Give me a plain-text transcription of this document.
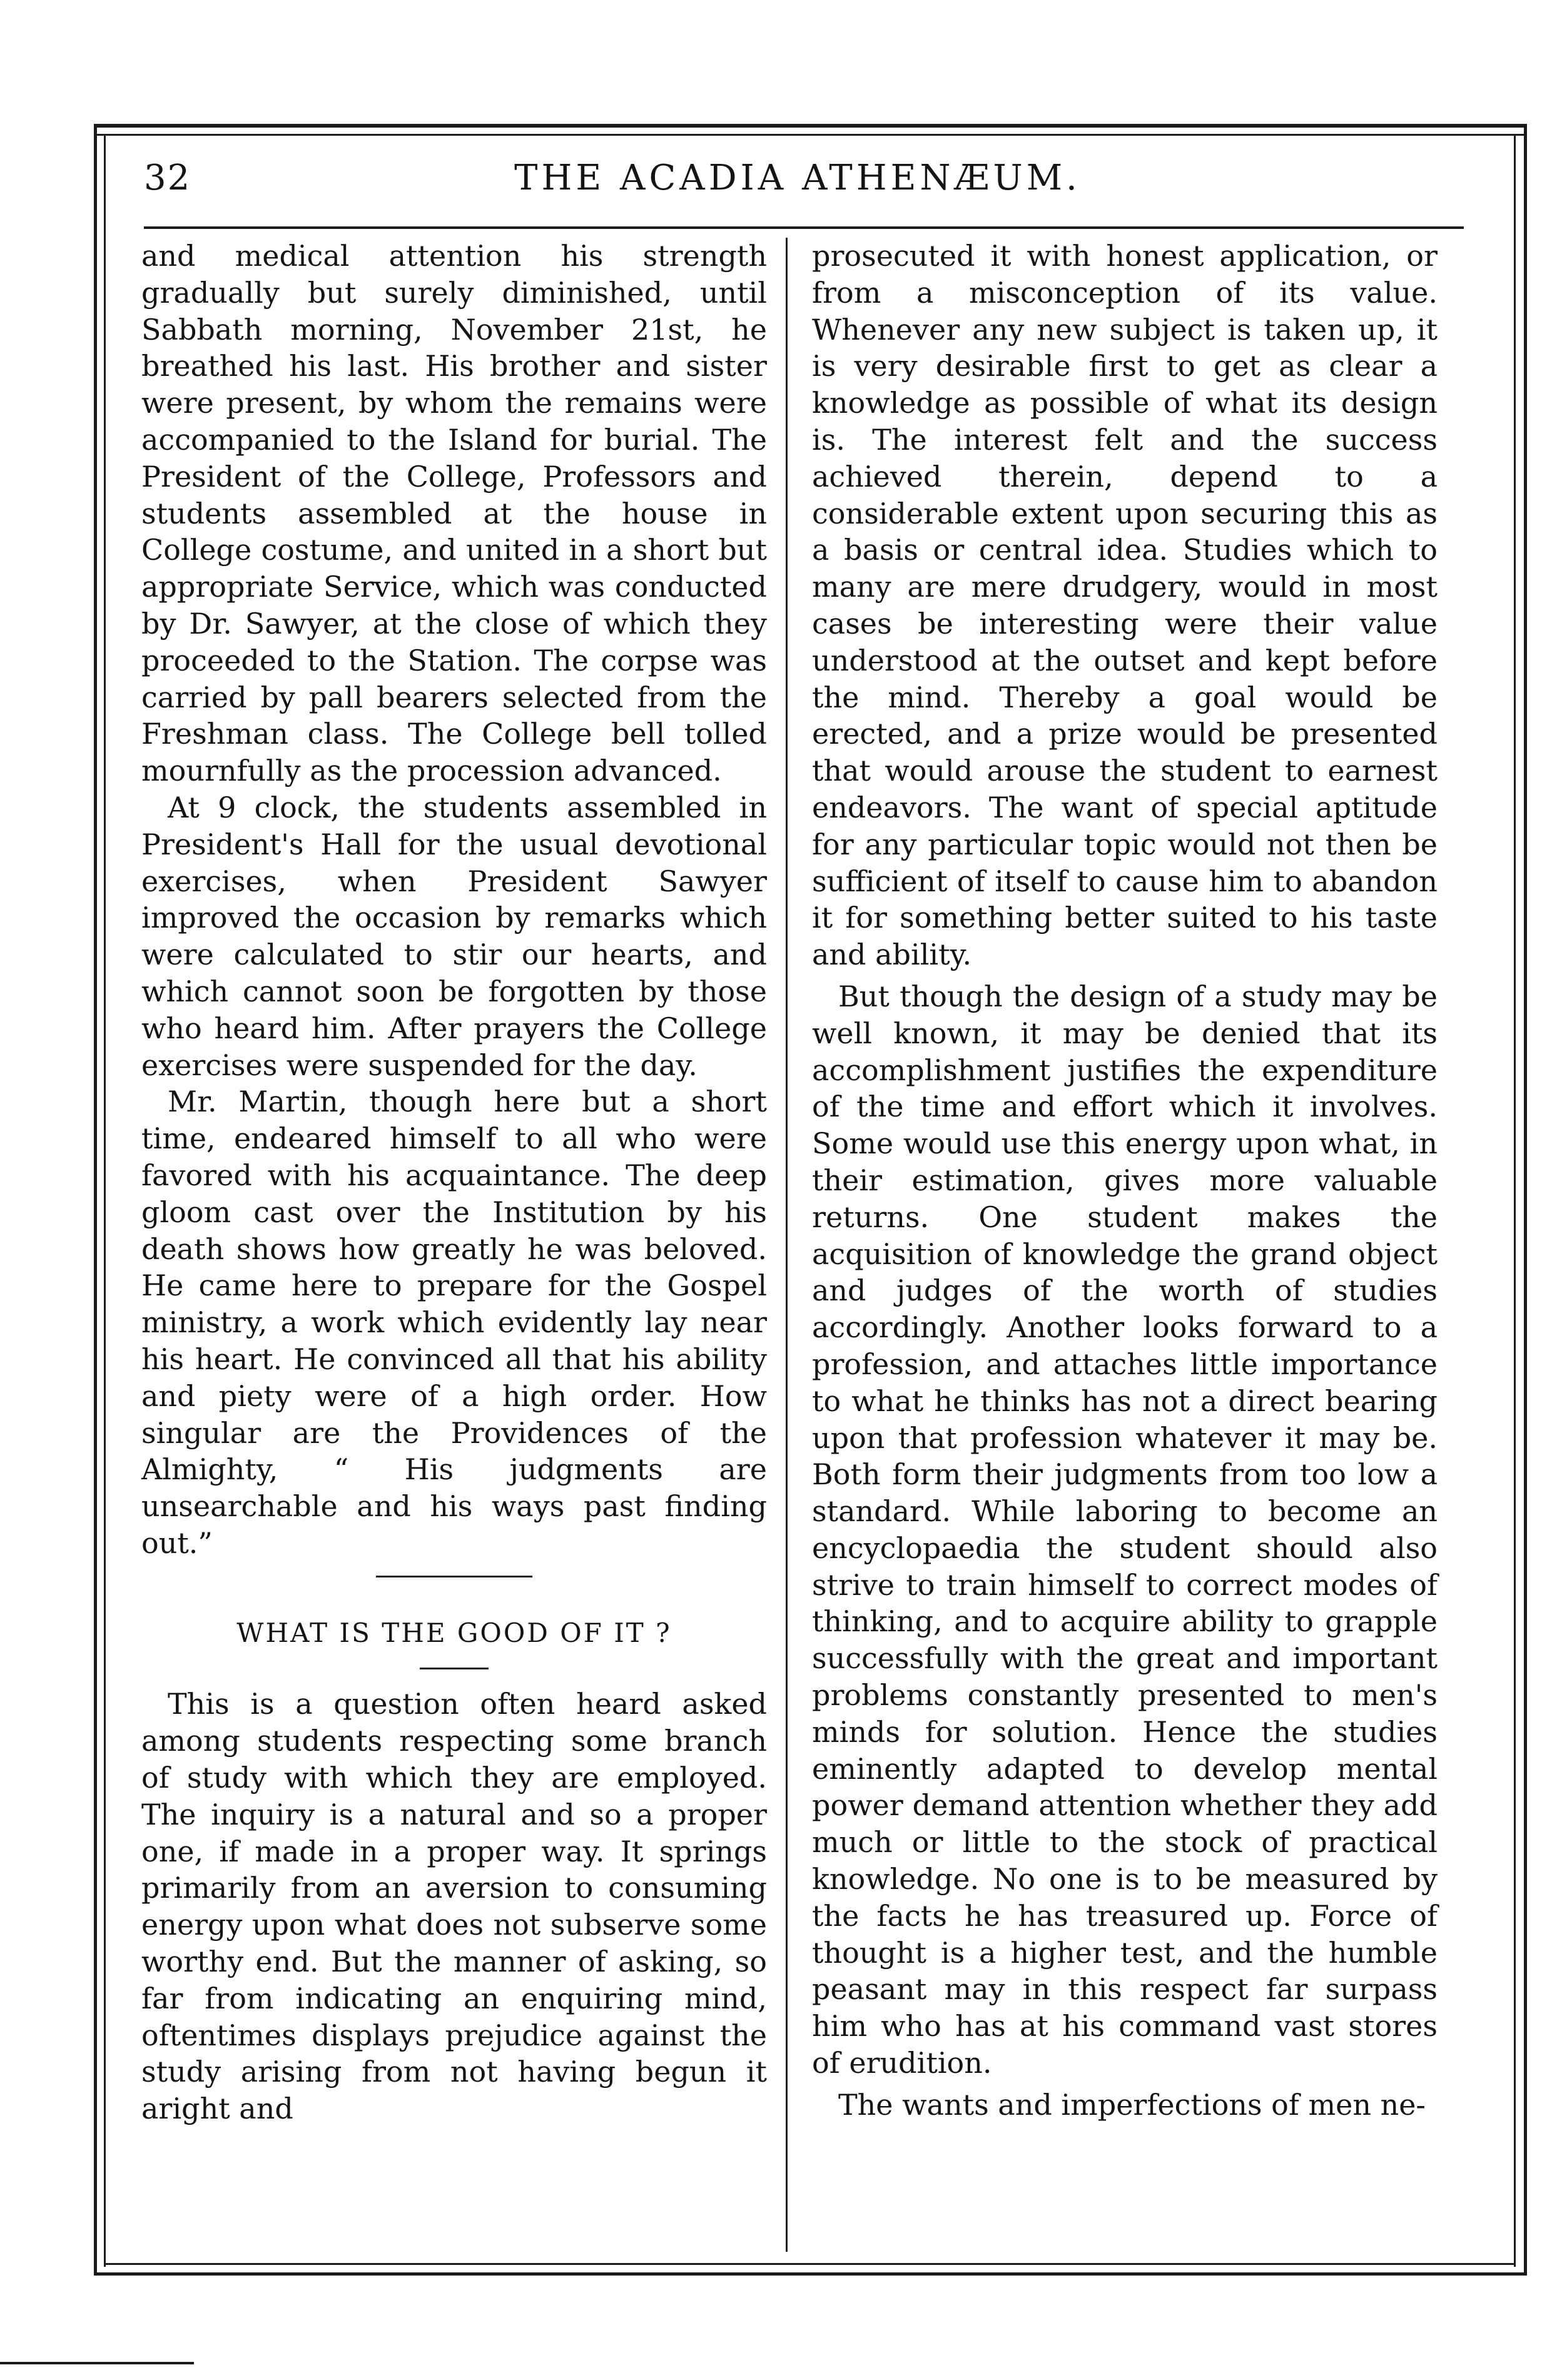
32	THE ACADIA ATHENÆUM.

and medical attention his strength gradually but surely diminished, until Sabbath morning, November 21st, he breathed his last. His brother and sister were present, by whom the remains were accompanied to the Island for burial. The President of the College, Professors and students assembled at the house in College costume, and united in a short but appropriate Service, which was conducted by Dr. Sawyer, at the close of which they proceeded to the Station. The corpse was carried by pall bearers selected from the Freshman class. The College bell tolled mournfully as the procession advanced.

At 9 clock, the students assembled in President's Hall for the usual devotional exercises, when President Sawyer improved the occasion by remarks which were calculated to stir our hearts, and which cannot soon be forgotten by those who heard him. After prayers the College exercises were suspended for the day.

Mr. Martin, though here but a short time, endeared himself to all who were favored with his acquaintance. The deep gloom cast over the Institution by his death shows how greatly he was beloved. He came here to prepare for the Gospel ministry, a work which evidently lay near his heart. He convinced all that his ability and piety were of a high order. How singular are the Providences of the Almighty, “ His judgments are unsearchable and his ways past finding out.”

WHAT IS THE GOOD OF IT ?

This is a question often heard asked among students respecting some branch of study with which they are employed. The inquiry is a natural and so a proper one, if made in a proper way. It springs primarily from an aversion to consuming energy upon what does not subserve some worthy end. But the manner of asking, so far from indicating an enquiring mind, oftentimes displays prejudice against the study arising from not having begun it aright and

prosecuted it with honest application, or from a misconception of its value. Whenever any new subject is taken up, it is very desirable first to get as clear a knowledge as possible of what its design is. The interest felt and the success achieved therein, depend to a considerable extent upon securing this as a basis or central idea. Studies which to many are mere drudgery, would in most cases be interesting were their value understood at the outset and kept before the mind. Thereby a goal would be erected, and a prize would be presented that would arouse the student to earnest endeavors. The want of special aptitude for any particular topic would not then be sufficient of itself to cause him to abandon it for something better suited to his taste and ability.

But though the design of a study may be well known, it may be denied that its accomplishment justifies the expenditure of the time and effort which it involves. Some would use this energy upon what, in their estimation, gives more valuable returns. One student makes the acquisition of knowledge the grand object and judges of the worth of studies accordingly. Another looks forward to a profession, and attaches little importance to what he thinks has not a direct bearing upon that profession whatever it may be. Both form their judgments from too low a standard. While laboring to become an encyclopaedia the student should also strive to train himself to correct modes of thinking, and to acquire ability to grapple successfully with the great and important problems constantly presented to men's minds for solution. Hence the studies eminently adapted to develop mental power demand attention whether they add much or little to the stock of practical knowledge. No one is to be measured by the facts he has treasured up. Force of thought is a higher test, and the humble peasant may in this respect far surpass him who has at his command vast stores of erudition.

The wants and imperfections of men ne-
